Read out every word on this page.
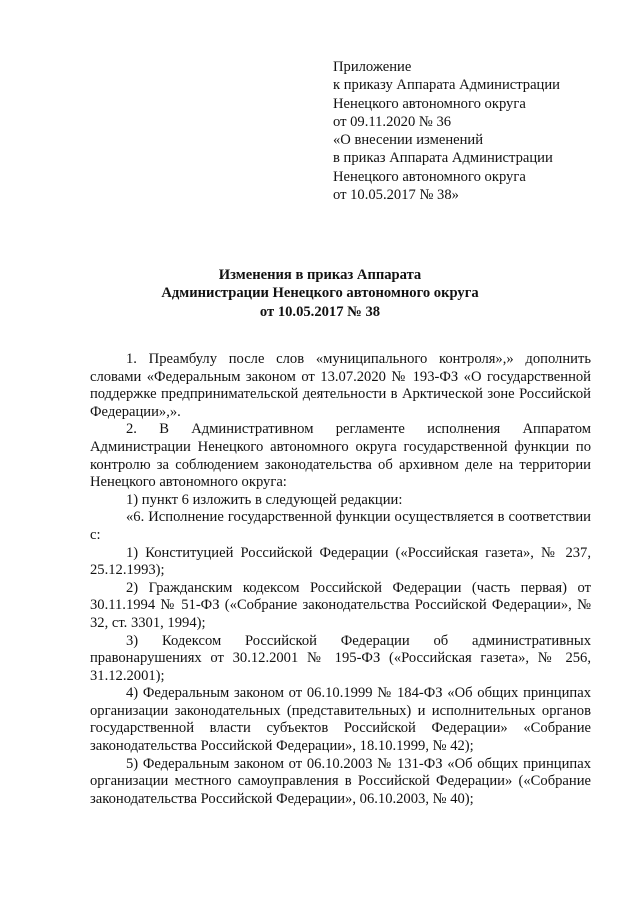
Приложение
к приказу Аппарата Администрации
Ненецкого автономного округа
от 09.11.2020 № 36
«О внесении изменений
в приказ Аппарата Администрации
Ненецкого автономного округа
от 10.05.2017 № 38»
Изменения в приказ Аппарата
Администрации Ненецкого автономного округа
от 10.05.2017 № 38

1. Преамбулу после слов «муниципального контроля»,» дополнить словами «Федеральным законом от 13.07.2020 № 193-ФЗ «О государственной поддержке предпринимательской деятельности в Арктической зоне Российской Федерации»,».

2. В Административном регламенте исполнения Аппаратом Администрации Ненецкого автономного округа государственной функции по контролю за соблюдением законодательства об архивном деле на территории Ненецкого автономного округа:

1) пункт 6 изложить в следующей редакции:

«6. Исполнение государственной функции осуществляется в соответствии с:

1) Конституцией Российской Федерации («Российская газета», № 237, 25.12.1993);

2) Гражданским кодексом Российской Федерации (часть первая) от 30.11.1994 № 51-ФЗ («Собрание законодательства Российской Федерации», № 32, ст. 3301, 1994);

3) Кодексом Российской Федерации об административных правонарушениях от 30.12.2001 № 195-ФЗ («Российская газета», № 256, 31.12.2001);

4) Федеральным законом от 06.10.1999 № 184-ФЗ «Об общих принципах организации законодательных (представительных) и исполнительных органов государственной власти субъектов Российской Федерации» «Собрание законодательства Российской Федерации», 18.10.1999, № 42);

5) Федеральным законом от 06.10.2003 № 131-ФЗ «Об общих принципах организации местного самоуправления в Российской Федерации» («Собрание законодательства Российской Федерации», 06.10.2003, № 40);
